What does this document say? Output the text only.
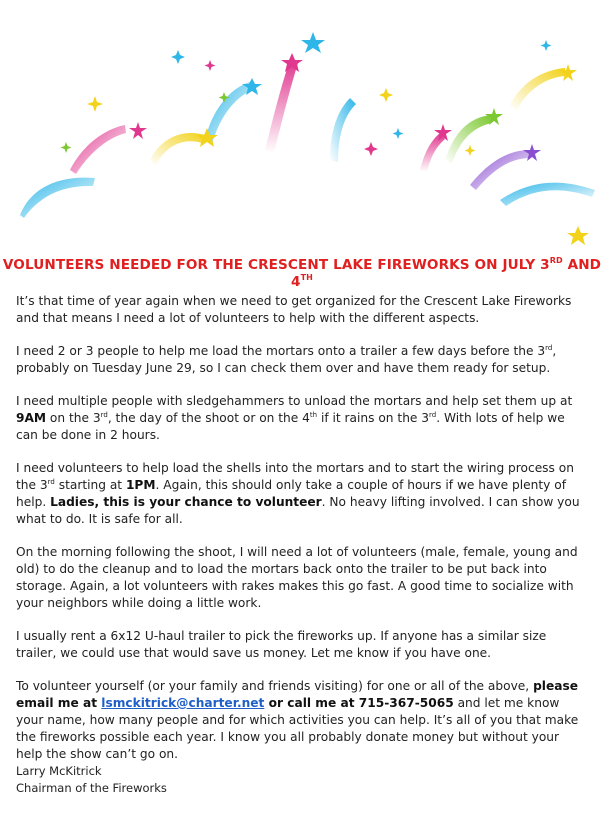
VOLUNTEERS NEEDED FOR THE CRESCENT LAKE FIREWORKS ON JULY 3RD AND 4TH

It’s that time of year again when we need to get organized for the Crescent Lake Fireworks and that means I need a lot of volunteers to help with the different aspects.

I need 2 or 3 people to help me load the mortars onto a trailer a few days before the 3rd, probably on Tuesday June 29, so I can check them over and have them ready for setup.

I need multiple people with sledgehammers to unload the mortars and help set them up at 9AM on the 3rd, the day of the shoot or on the 4th if it rains on the 3rd. With lots of help we can be done in 2 hours.

I need volunteers to help load the shells into the mortars and to start the wiring process on the 3rd starting at 1PM. Again, this should only take a couple of hours if we have plenty of help. Ladies, this is your chance to volunteer. No heavy lifting involved. I can show you what to do. It is safe for all.

On the morning following the shoot, I will need a lot of volunteers (male, female, young and old) to do the cleanup and to load the mortars back onto the trailer to be put back into storage. Again, a lot volunteers with rakes makes this go fast. A good time to socialize with your neighbors while doing a little work.

I usually rent a 6x12 U-haul trailer to pick the fireworks up. If anyone has a similar size trailer, we could use that would save us money. Let me know if you have one.

To volunteer yourself (or your family and friends visiting) for one or all of the above, please email me at lsmckitrick@charter.net or call me at 715-367-5065 and let me know your name, how many people and for which activities you can help. It’s all of you that make the fireworks possible each year. I know you all probably donate money but without your help the show can’t go on.

Larry McKitrick
Chairman of the Fireworks
